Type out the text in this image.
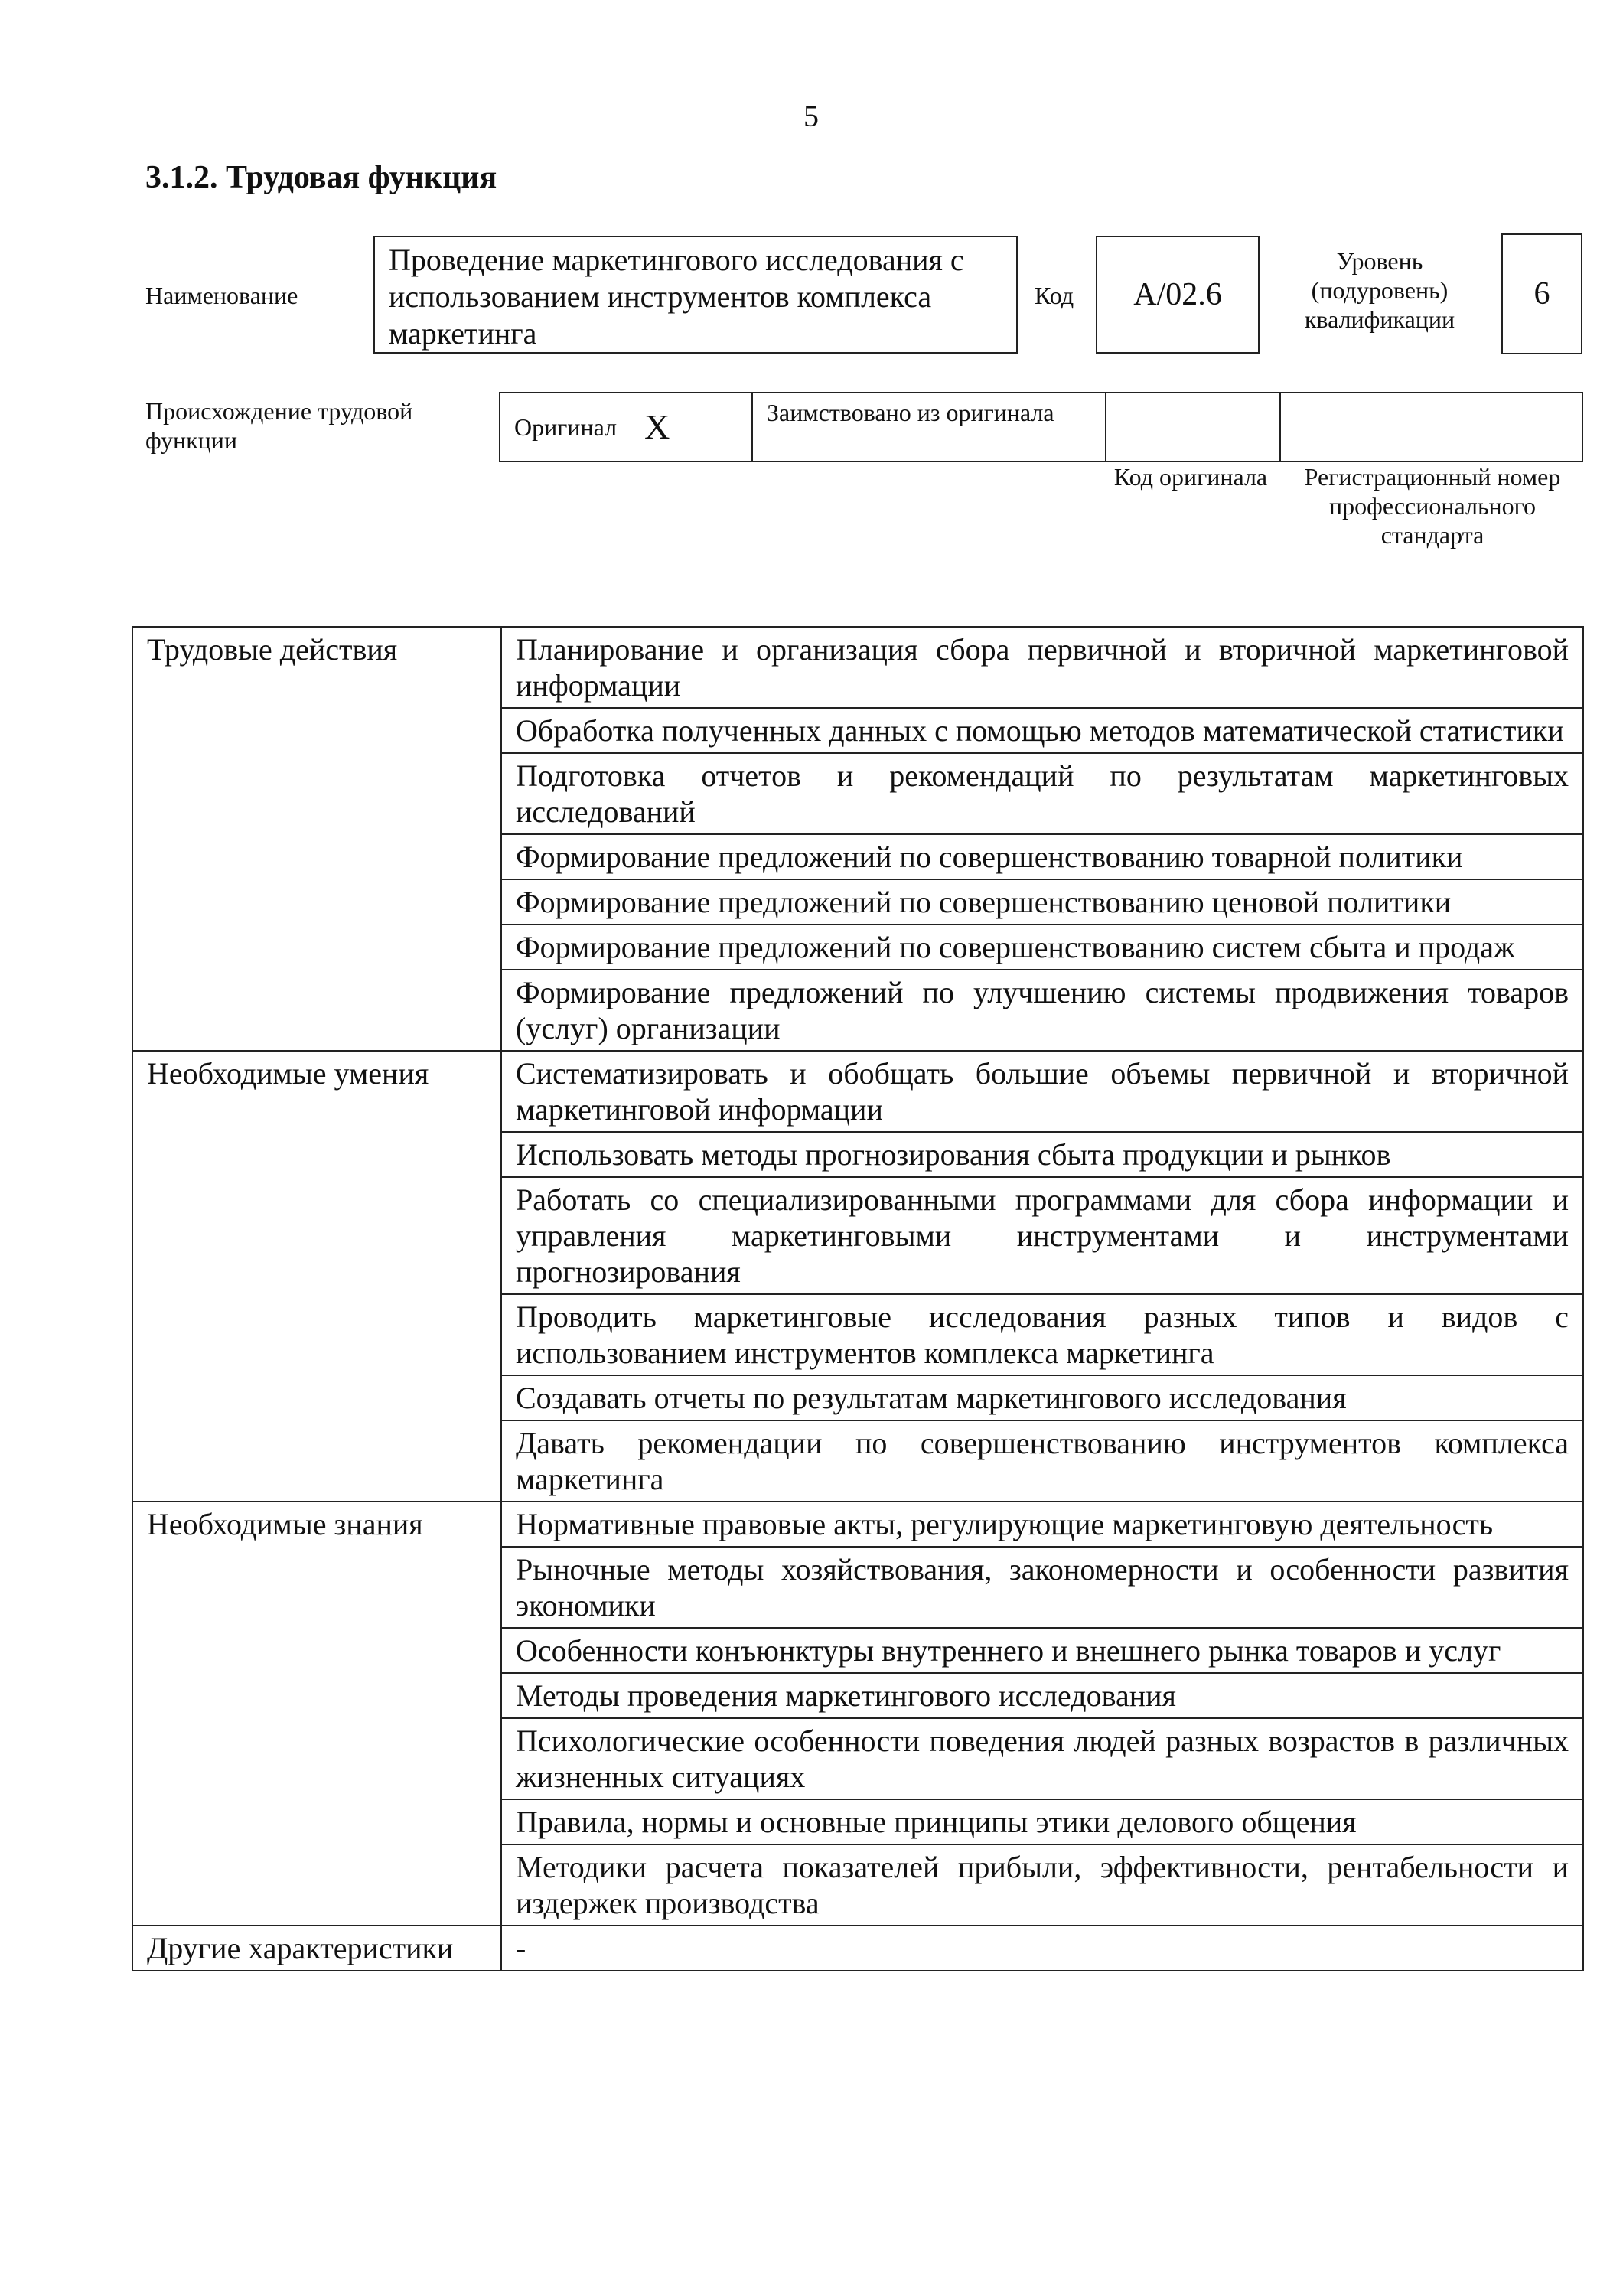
5
3.1.2. Трудовая функция
Наименование
Проведение маркетингового исследования с использованием инструментов комплекса маркетинга
Код	A/02.6
Уровень (подуровень) квалификации
6
Происхождение трудовой функции	Оригинал X	Заимствовано из оригинала
Код оригинала	Регистрационный номер профессионального стандарта
Трудовые действия	Планирование и организация сбора первичной и вторичной маркетинговой информации
	Обработка полученных данных с помощью методов математической статистики
	Подготовка отчетов и рекомендаций по результатам маркетинговых исследований
	Формирование предложений по совершенствованию товарной политики
	Формирование предложений по совершенствованию ценовой политики
	Формирование предложений по совершенствованию систем сбыта и продаж
	Формирование предложений по улучшению системы продвижения товаров (услуг) организации
Необходимые умения	Систематизировать и обобщать большие объемы первичной и вторичной маркетинговой информации
	Использовать методы прогнозирования сбыта продукции и рынков
	Работать со специализированными программами для сбора информации и управления маркетинговыми инструментами и инструментами прогнозирования
	Проводить маркетинговые исследования разных типов и видов с использованием инструментов комплекса маркетинга
	Создавать отчеты по результатам маркетингового исследования
	Давать рекомендации по совершенствованию инструментов комплекса маркетинга
Необходимые знания	Нормативные правовые акты, регулирующие маркетинговую деятельность
	Рыночные методы хозяйствования, закономерности и особенности развития экономики
	Особенности конъюнктуры внутреннего и внешнего рынка товаров и услуг
	Методы проведения маркетингового исследования
	Психологические особенности поведения людей разных возрастов в различных жизненных ситуациях
	Правила, нормы и основные принципы этики делового общения
	Методики расчета показателей прибыли, эффективности, рентабельности и издержек производства
Другие характеристики	-
